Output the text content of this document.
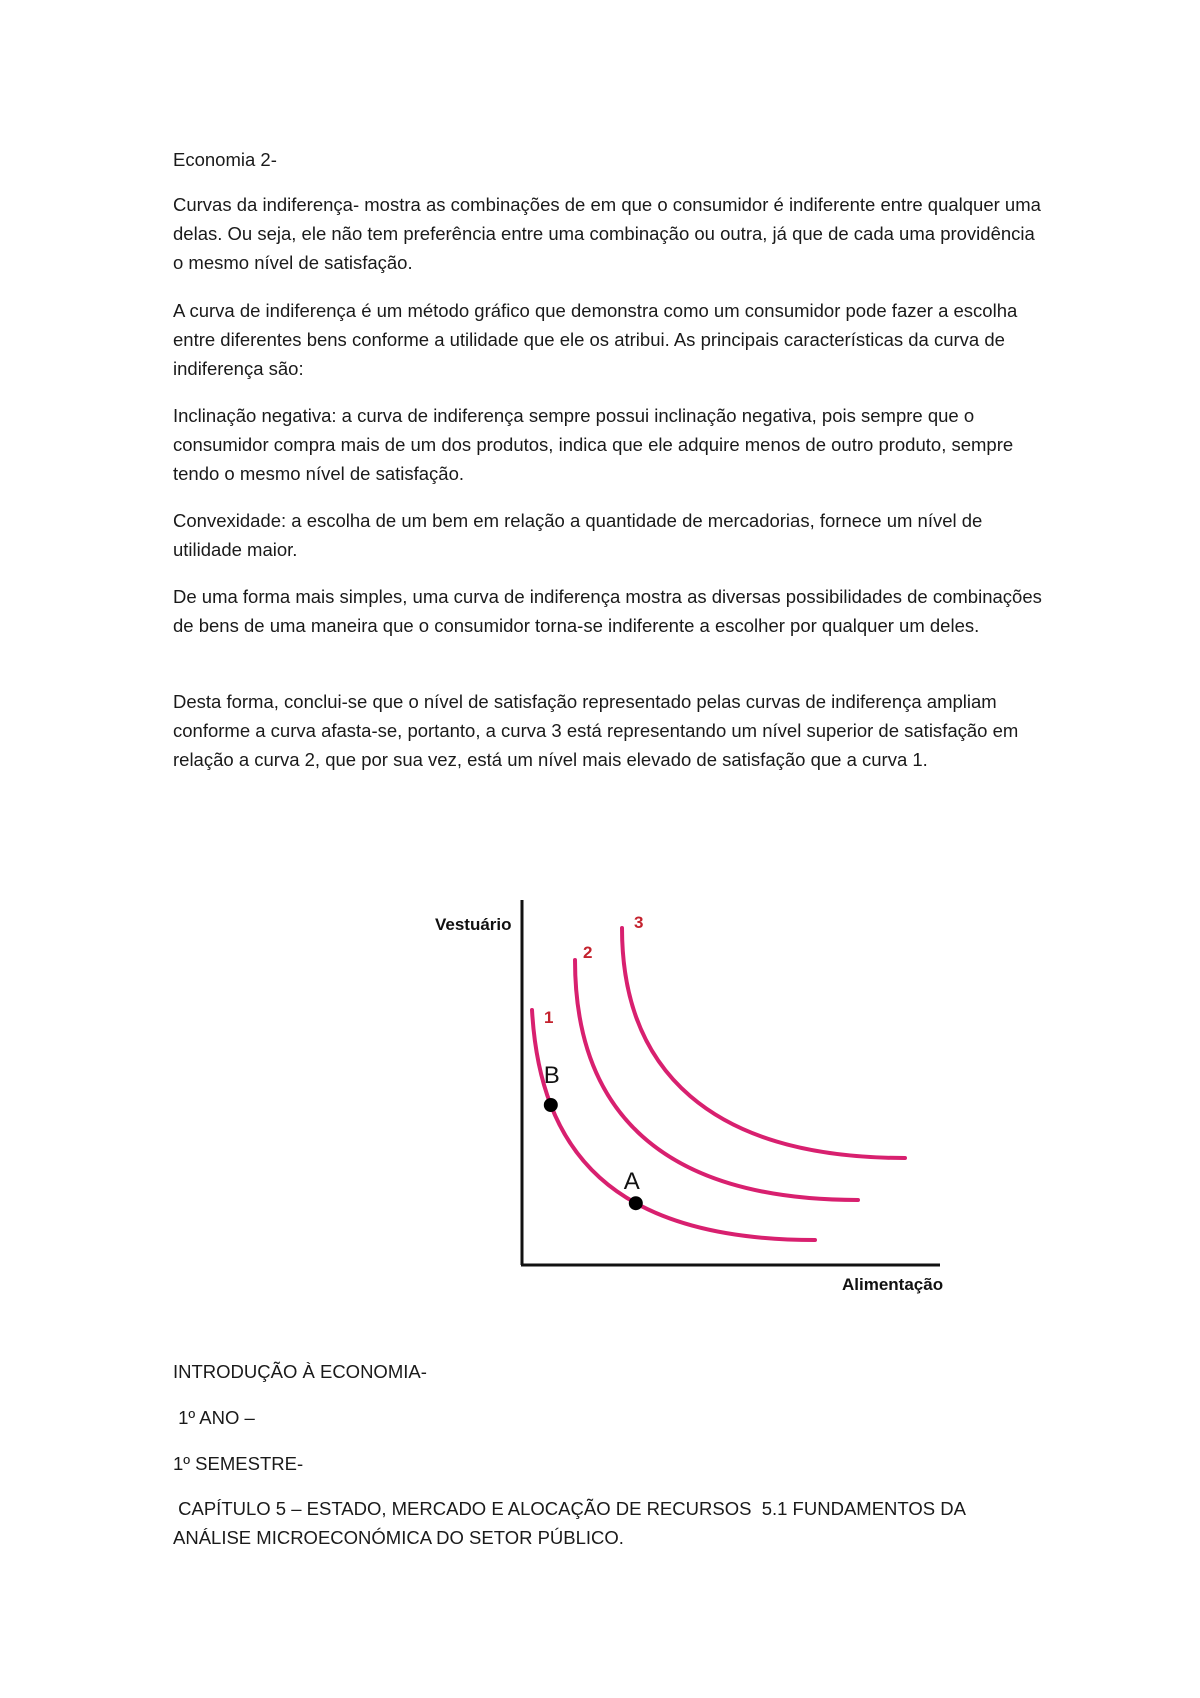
Economia 2-

Curvas da indiferença- mostra as combinações de em que o consumidor é indiferente entre qualquer uma delas. Ou seja, ele não tem preferência entre uma combinação ou outra, já que de cada uma providência o mesmo nível de satisfação.

A curva de indiferença é um método gráfico que demonstra como um consumidor pode fazer a escolha entre diferentes bens conforme a utilidade que ele os atribui. As principais características da curva de indiferença são:

Inclinação negativa: a curva de indiferença sempre possui inclinação negativa, pois sempre que o consumidor compra mais de um dos produtos, indica que ele adquire menos de outro produto, sempre tendo o mesmo nível de satisfação.

Convexidade: a escolha de um bem em relação a quantidade de mercadorias, fornece um nível de utilidade maior.

De uma forma mais simples, uma curva de indiferença mostra as diversas possibilidades de combinações de bens de uma maneira que o consumidor torna-se indiferente a escolher por qualquer um deles.

Desta forma, conclui-se que o nível de satisfação representado pelas curvas de indiferença ampliam conforme a curva afasta-se, portanto, a curva 3 está representando um nível superior de satisfação em relação a curva 2, que por sua vez, está um nível mais elevado de satisfação que a curva 1.

Vestuário
Alimentação
1
2
3
B
A

INTRODUÇÃO À ECONOMIA-

1º ANO –

1º SEMESTRE-

CAPÍTULO 5 – ESTADO, MERCADO E ALOCAÇÃO DE RECURSOS  5.1 FUNDAMENTOS DA ANÁLISE MICROECONÓMICA DO SETOR PÚBLICO.
